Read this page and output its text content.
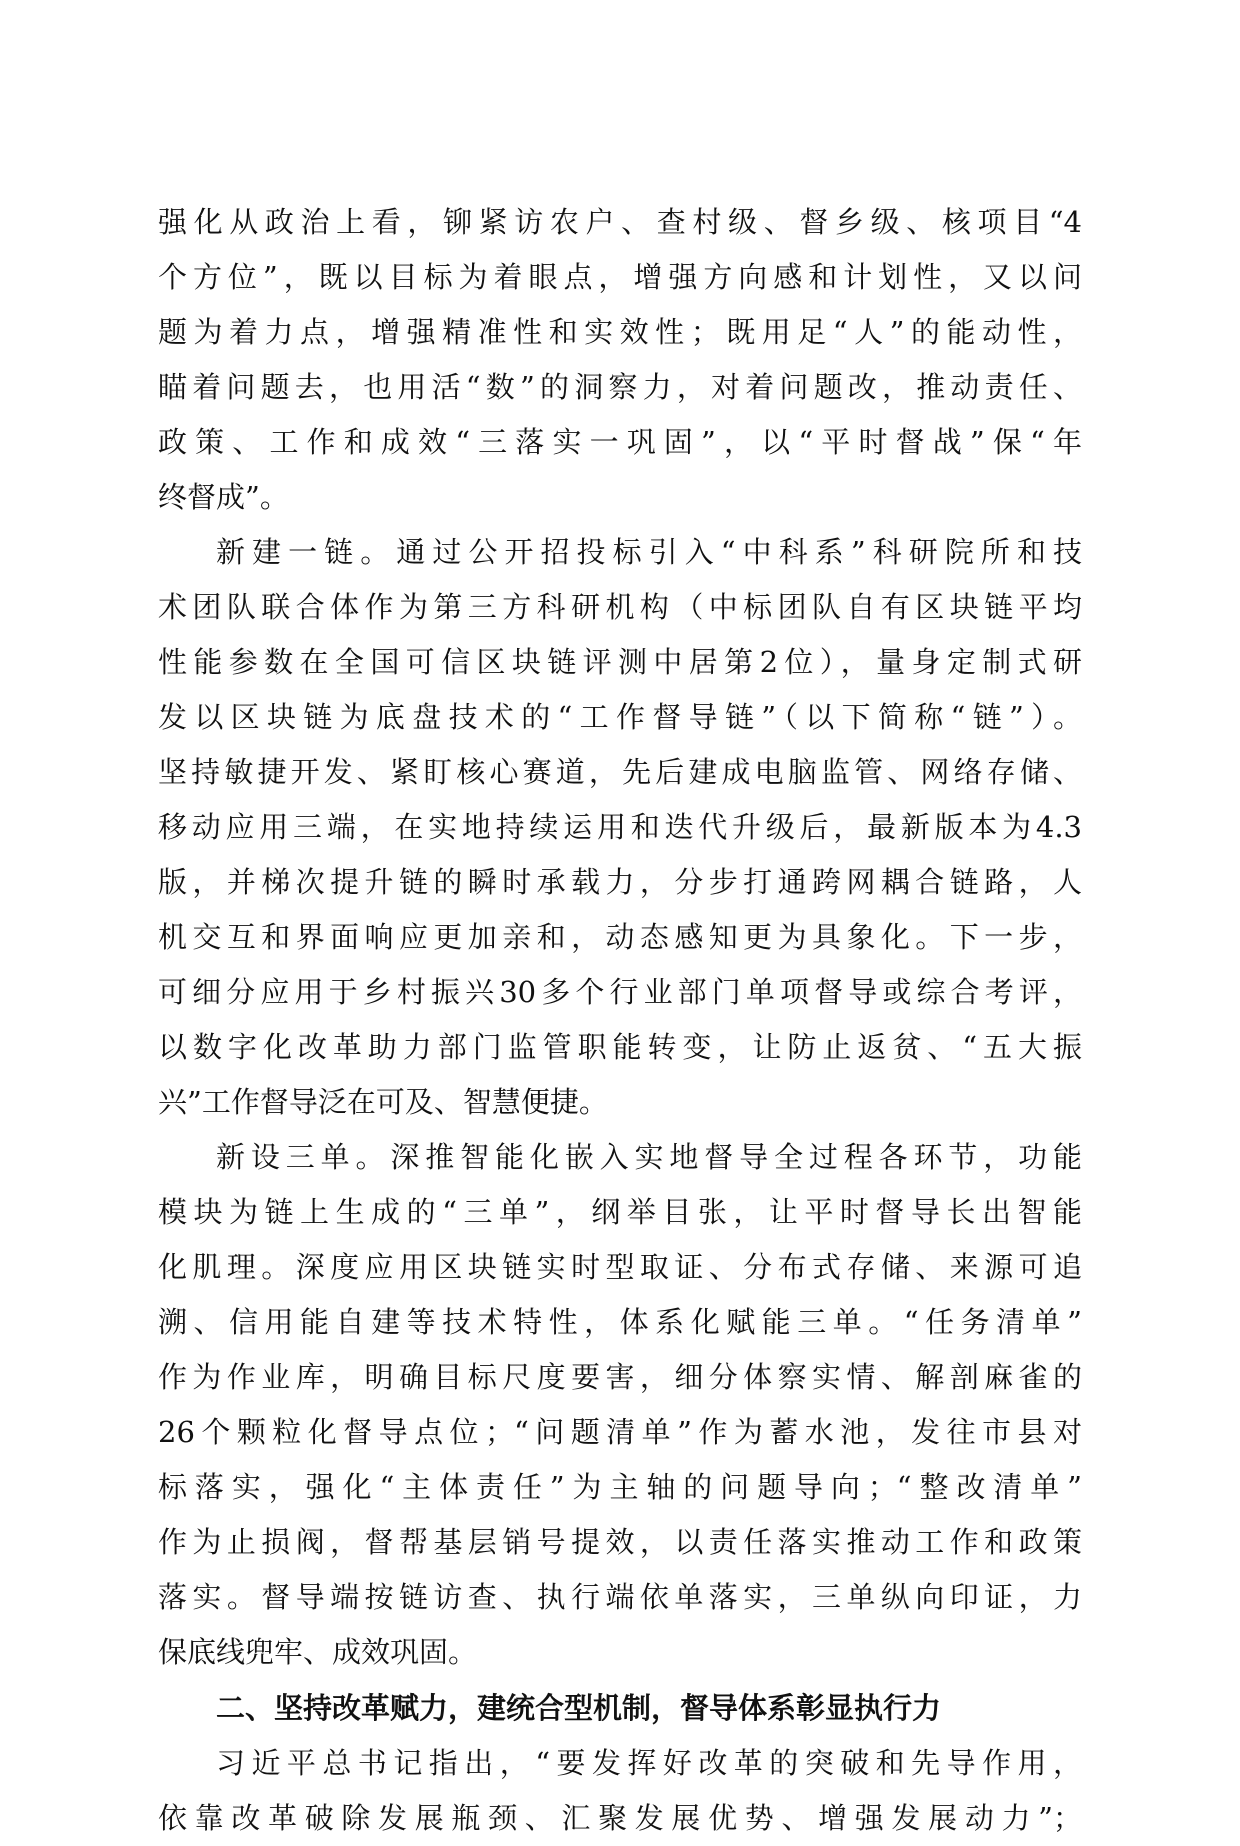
强化从政治上看，铆紧访农户、查村级、督乡级、核项目“4
个方位”，既以目标为着眼点，增强方向感和计划性，又以问
题为着力点，增强精准性和实效性；既用足“人”的能动性，
瞄着问题去，也用活“数”的洞察力，对着问题改，推动责任、
政策、工作和成效“三落实一巩固”，以“平时督战”保“年
终督成”。
新建一链。通过公开招投标引入“中科系”科研院所和技
术团队联合体作为第三方科研机构（中标团队自有区块链平均
性能参数在全国可信区块链评测中居第2位），量身定制式研
发以区块链为底盘技术的“工作督导链”（以下简称“链”）。
坚持敏捷开发、紧盯核心赛道，先后建成电脑监管、网络存储、
移动应用三端，在实地持续运用和迭代升级后，最新版本为4.3
版，并梯次提升链的瞬时承载力，分步打通跨网耦合链路，人
机交互和界面响应更加亲和，动态感知更为具象化。下一步，
可细分应用于乡村振兴30多个行业部门单项督导或综合考评，
以数字化改革助力部门监管职能转变，让防止返贫、“五大振
兴”工作督导泛在可及、智慧便捷。
新设三单。深推智能化嵌入实地督导全过程各环节，功能
模块为链上生成的“三单”，纲举目张，让平时督导长出智能
化肌理。深度应用区块链实时型取证、分布式存储、来源可追
溯、信用能自建等技术特性，体系化赋能三单。“任务清单”
作为作业库，明确目标尺度要害，细分体察实情、解剖麻雀的
26个颗粒化督导点位；“问题清单”作为蓄水池，发往市县对
标落实，强化“主体责任”为主轴的问题导向；“整改清单”
作为止损阀，督帮基层销号提效，以责任落实推动工作和政策
落实。督导端按链访查、执行端依单落实，三单纵向印证，力
保底线兜牢、成效巩固。
二、坚持改革赋力，建统合型机制，督导体系彰显执行力
习近平总书记指出，“要发挥好改革的突破和先导作用，
依靠改革破除发展瓶颈、汇聚发展优势、增强发展动力”；
